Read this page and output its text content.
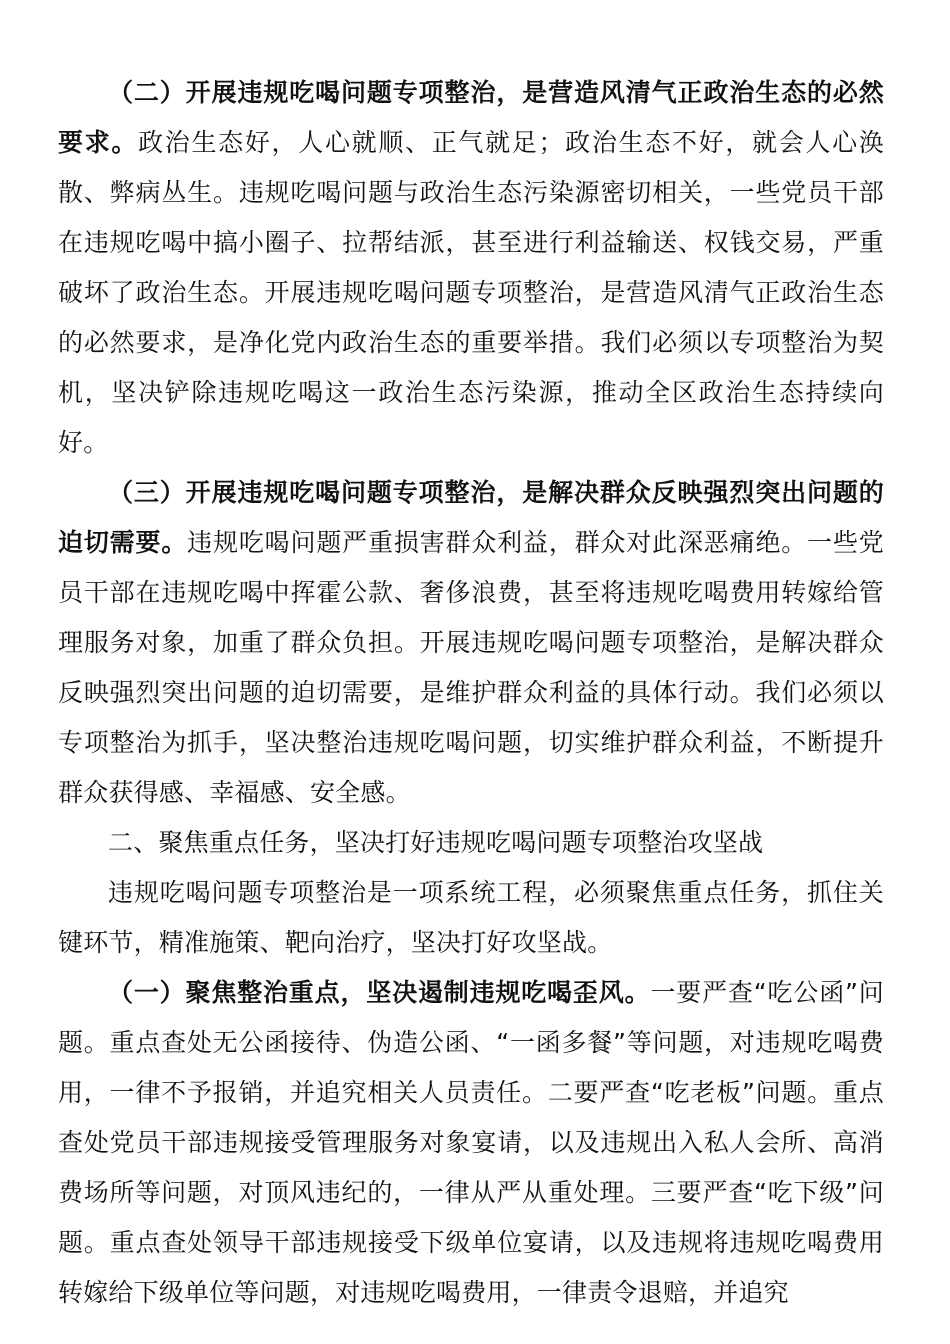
（二）开展违规吃喝问题专项整治，是营造风清气正政治生态的必然要求。政治生态好，人心就顺、正气就足；政治生态不好，就会人心涣散、弊病丛生。违规吃喝问题与政治生态污染源密切相关，一些党员干部在违规吃喝中搞小圈子、拉帮结派，甚至进行利益输送、权钱交易，严重破坏了政治生态。开展违规吃喝问题专项整治，是营造风清气正政治生态的必然要求，是净化党内政治生态的重要举措。我们必须以专项整治为契机，坚决铲除违规吃喝这一政治生态污染源，推动全区政治生态持续向好。

（三）开展违规吃喝问题专项整治，是解决群众反映强烈突出问题的迫切需要。违规吃喝问题严重损害群众利益，群众对此深恶痛绝。一些党员干部在违规吃喝中挥霍公款、奢侈浪费，甚至将违规吃喝费用转嫁给管理服务对象，加重了群众负担。开展违规吃喝问题专项整治，是解决群众反映强烈突出问题的迫切需要，是维护群众利益的具体行动。我们必须以专项整治为抓手，坚决整治违规吃喝问题，切实维护群众利益，不断提升群众获得感、幸福感、安全感。

二、聚焦重点任务，坚决打好违规吃喝问题专项整治攻坚战

违规吃喝问题专项整治是一项系统工程，必须聚焦重点任务，抓住关键环节，精准施策、靶向治疗，坚决打好攻坚战。

（一）聚焦整治重点，坚决遏制违规吃喝歪风。一要严查“吃公函”问题。重点查处无公函接待、伪造公函、“一函多餐”等问题，对违规吃喝费用，一律不予报销，并追究相关人员责任。二要严查“吃老板”问题。重点查处党员干部违规接受管理服务对象宴请，以及违规出入私人会所、高消费场所等问题，对顶风违纪的，一律从严从重处理。三要严查“吃下级”问题。重点查处领导干部违规接受下级单位宴请，以及违规将违规吃喝费用转嫁给下级单位等问题，对违规吃喝费用，一律责令退赔，并追究
